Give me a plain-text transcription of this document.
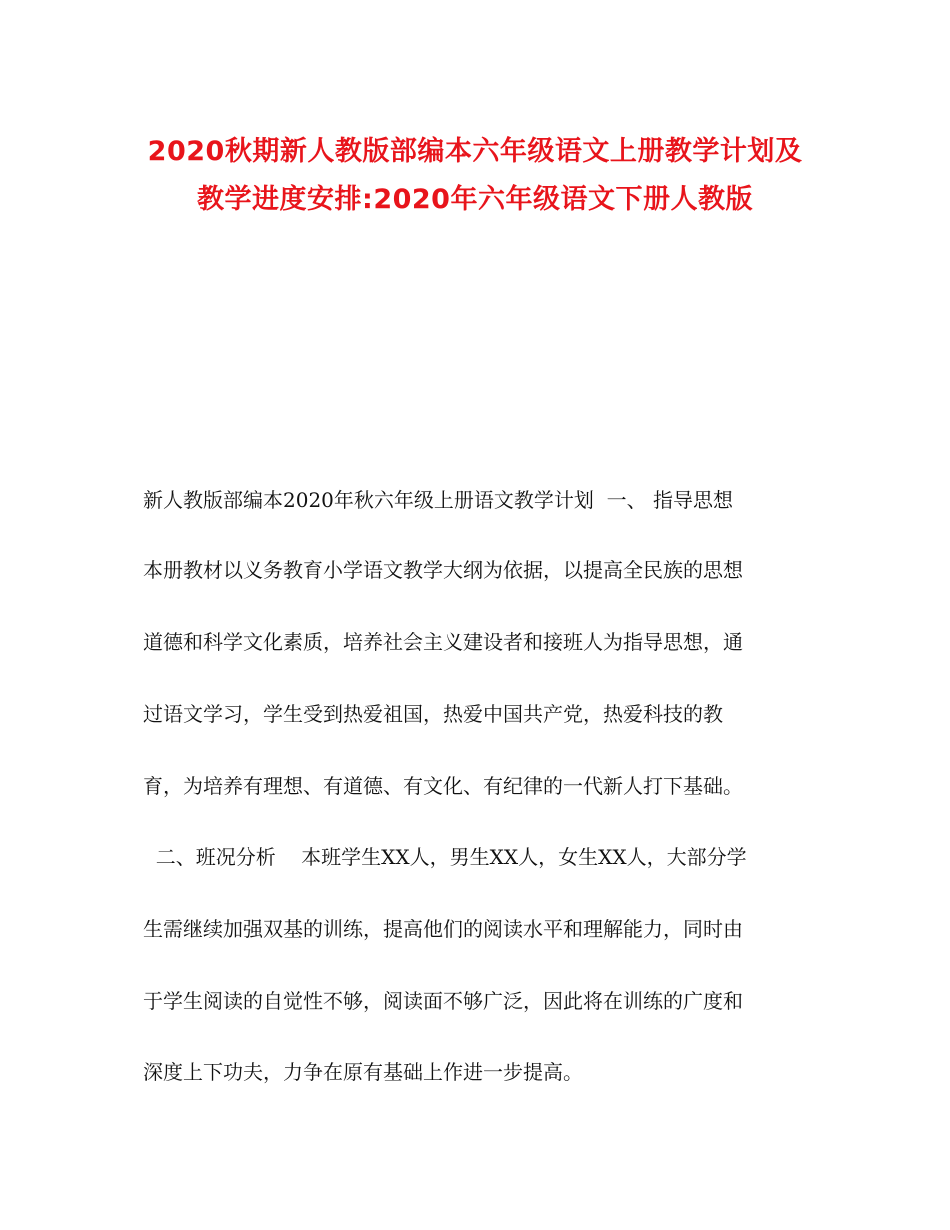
2020秋期新人教版部编本六年级语文上册教学计划及
教学进度安排:2020年六年级语文下册人教版
新人教版部编本2020年秋六年级上册语文教学计划  一、 指导思想
本册教材以义务教育小学语文教学大纲为依据，以提高全民族的思想
道德和科学文化素质，培养社会主义建设者和接班人为指导思想，通
过语文学习，学生受到热爱祖国，热爱中国共产党，热爱科技的教
育，为培养有理想、有道德、有文化、有纪律的一代新人打下基础。
二、班况分析    本班学生XX人，男生XX人，女生XX人，大部分学
生需继续加强双基的训练，提高他们的阅读水平和理解能力，同时由
于学生阅读的自觉性不够，阅读面不够广泛，因此将在训练的广度和
深度上下功夫，力争在原有基础上作进一步提高。
